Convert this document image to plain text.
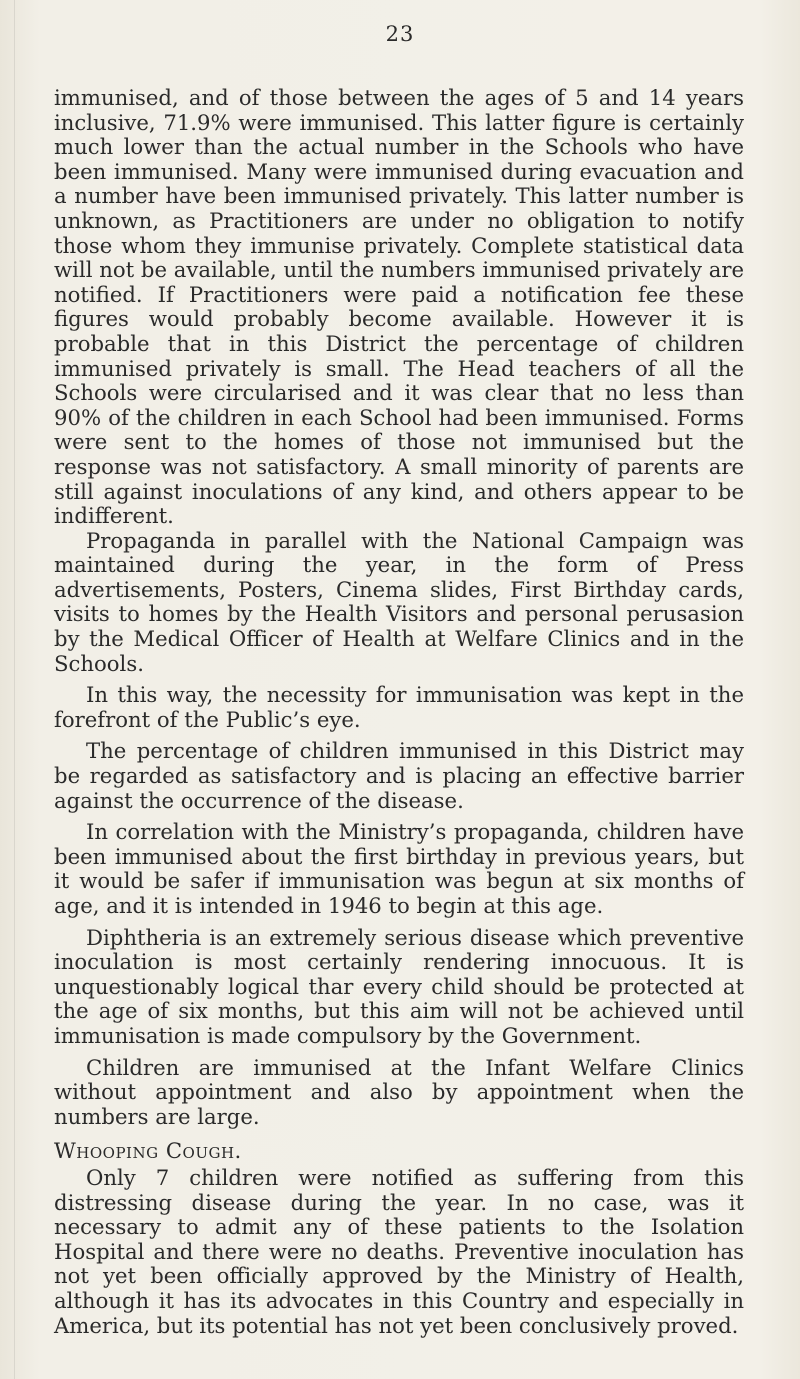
23

immunised, and of those between the ages of 5 and 14 years inclusive, 71.9% were immunised. This latter figure is certainly much lower than the actual number in the Schools who have been immunised. Many were immunised during evacuation and a number have been immunised privately. This latter number is unknown, as Practitioners are under no obligation to notify those whom they immunise privately. Complete statistical data will not be available, until the numbers immunised privately are notified. If Practitioners were paid a notification fee these figures would probably become available. However it is probable that in this District the percentage of children immunised privately is small. The Head teachers of all the Schools were circularised and it was clear that no less than 90% of the children in each School had been immunised. Forms were sent to the homes of those not immunised but the response was not satisfactory. A small minority of parents are still against inoculations of any kind, and others appear to be indifferent.

Propaganda in parallel with the National Campaign was maintained during the year, in the form of Press advertisements, Posters, Cinema slides, First Birthday cards, visits to homes by the Health Visitors and personal perusasion by the Medical Officer of Health at Welfare Clinics and in the Schools.

In this way, the necessity for immunisation was kept in the forefront of the Public’s eye.

The percentage of children immunised in this District may be regarded as satisfactory and is placing an effective barrier against the occurrence of the disease.

In correlation with the Ministry’s propaganda, children have been immunised about the first birthday in previous years, but it would be safer if immunisation was begun at six months of age, and it is intended in 1946 to begin at this age.

Diphtheria is an extremely serious disease which preventive inoculation is most certainly rendering innocuous. It is unquestionably logical thar every child should be protected at the age of six months, but this aim will not be achieved until immunisation is made compulsory by the Government.

Children are immunised at the Infant Welfare Clinics without appointment and also by appointment when the numbers are large.

Whooping Cough.

Only 7 children were notified as suffering from this distressing disease during the year. In no case, was it necessary to admit any of these patients to the Isolation Hospital and there were no deaths. Preventive inoculation has not yet been officially approved by the Ministry of Health, although it has its advocates in this Country and especially in America, but its potential has not yet been conclusively proved.
